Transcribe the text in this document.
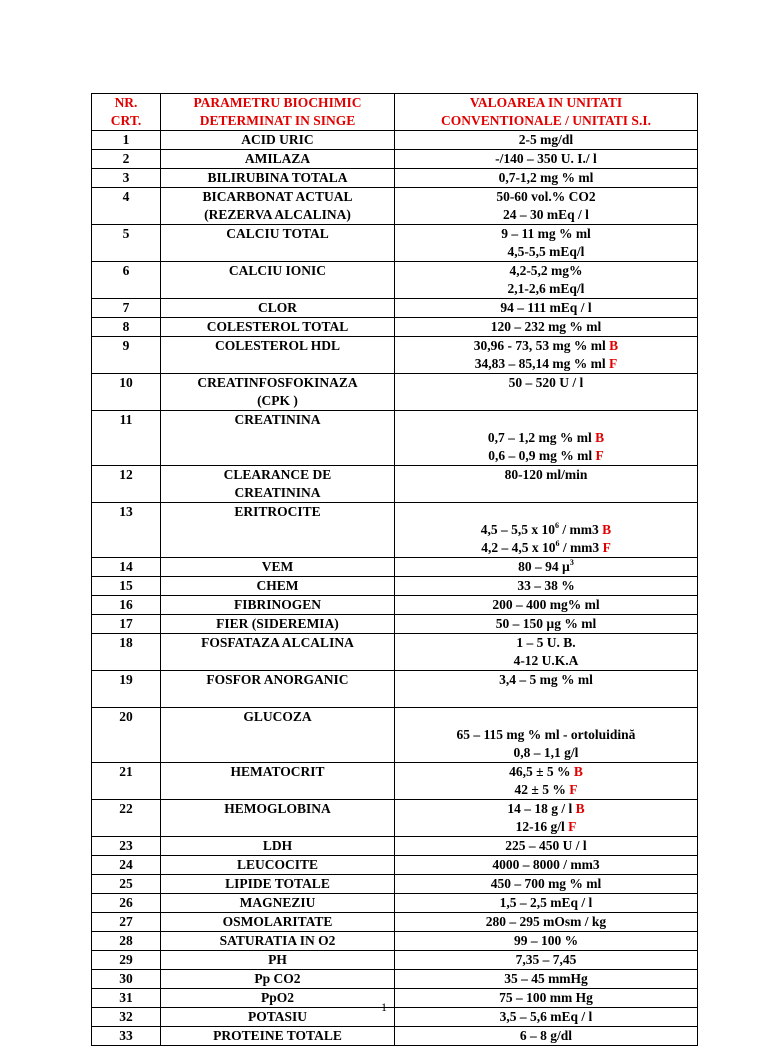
NR.
CRT.	PARAMETRU BIOCHIMIC
DETERMINAT IN SINGE	VALOAREA IN UNITATI
CONVENTIONALE / UNITATI S.I.

1	ACID URIC	2-5 mg/dl

2	AMILAZA	-/140 – 350 U. I./ l

3	BILIRUBINA TOTALA	0,7-1,2 mg % ml

4	BICARBONAT ACTUAL
(REZERVA ALCALINA)	50-60 vol.% CO2
24 – 30 mEq / l

5	CALCIU TOTAL	9 – 11 mg % ml
4,5-5,5 mEq/l

6	CALCIU IONIC	4,2-5,2 mg%
2,1-2,6 mEq/l

7	CLOR	94 – 111 mEq / l

8	COLESTEROL TOTAL	120 – 232 mg % ml

9	COLESTEROL HDL	30,96 - 73, 53 mg % ml B
34,83 – 85,14 mg % ml F

10	CREATINFOSFOKINAZA
(CPK )	50 – 520 U / l

11	CREATININA	0,7 – 1,2 mg % ml B
0,6 – 0,9 mg % ml F

12	CLEARANCE DE
CREATININA	80-120 ml/min

13	ERITROCITE	4,5 – 5,5 x $10^6 / mm3$ B
4,2 – 4,5 x $10^6 / mm3$ F

14	VEM	80 – 94 µ$^3$

15	CHEM	33 – 38 %

16	FIBRINOGEN	200 – 400 mg% ml

17	FIER (SIDEREMIA)	50 – 150 µg % ml

18	FOSFATAZA ALCALINA	1 – 5 U. B.
4-12 U.K.A

19	FOSFOR ANORGANIC	3,4 – 5 mg % ml

20	GLUCOZA	65 – 115 mg % ml - ortoluidină
0,8 – 1,1 g/l

21	HEMATOCRIT	46,5 ± 5 % B
42 ± 5 % F

22	HEMOGLOBINA	14 – 18 g / l B
12-16 g/l F

23	LDH	225 – 450 U / l

24	LEUCOCITE	4000 – 8000 / mm3

25	LIPIDE TOTALE	450 – 700 mg % ml

26	MAGNEZIU	1,5 – 2,5 mEq / l

27	OSMOLARITATE	280 – 295 mOsm / kg

28	SATURATIA IN O2	99 – 100 %

29	PH	7,35 – 7,45

30	Pp CO2	35 – 45 mmHg

31	PpO2	75 – 100 mm Hg

32	POTASIU	3,5 – 5,6 mEq / l

33	PROTEINE TOTALE	6 – 8 g/dl
1
